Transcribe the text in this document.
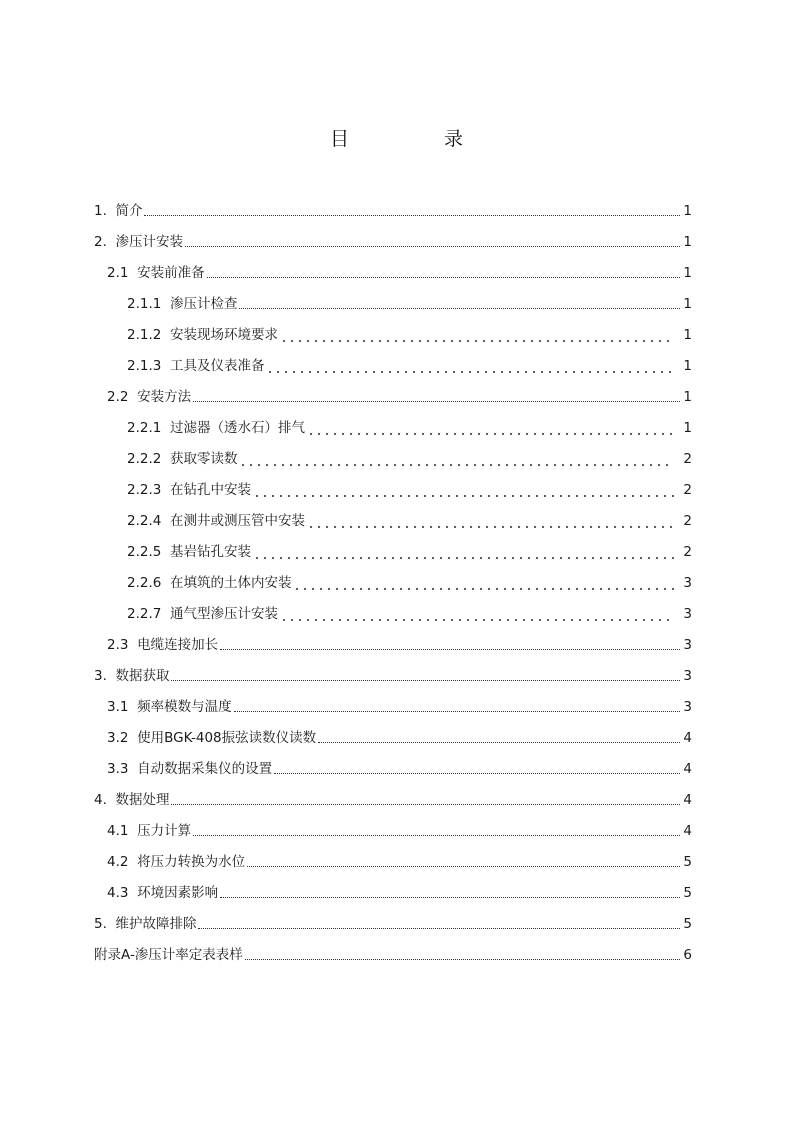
目　录
1. 简介	1
2. 渗压计安装	1
2.1 安装前准备	1
2.1.1 渗压计检查	1
2.1.2 安装现场环境要求	1
2.1.3 工具及仪表准备	1
2.2 安装方法	1
2.2.1 过滤器（透水石）排气	1
2.2.2 获取零读数	2
2.2.3 在钻孔中安装	2
2.2.4 在测井或测压管中安装	2
2.2.5 基岩钻孔安装	2
2.2.6 在填筑的土体内安装	3
2.2.7 通气型渗压计安装	3
2.3 电缆连接加长	3
3. 数据获取	3
3.1 频率模数与温度	3
3.2 使用BGK-408振弦读数仪读数	4
3.3 自动数据采集仪的设置	4
4. 数据处理	4
4.1 压力计算	4
4.2 将压力转换为水位	5
4.3 环境因素影响	5
5. 维护故障排除	5
附录A-渗压计率定表表样	6
